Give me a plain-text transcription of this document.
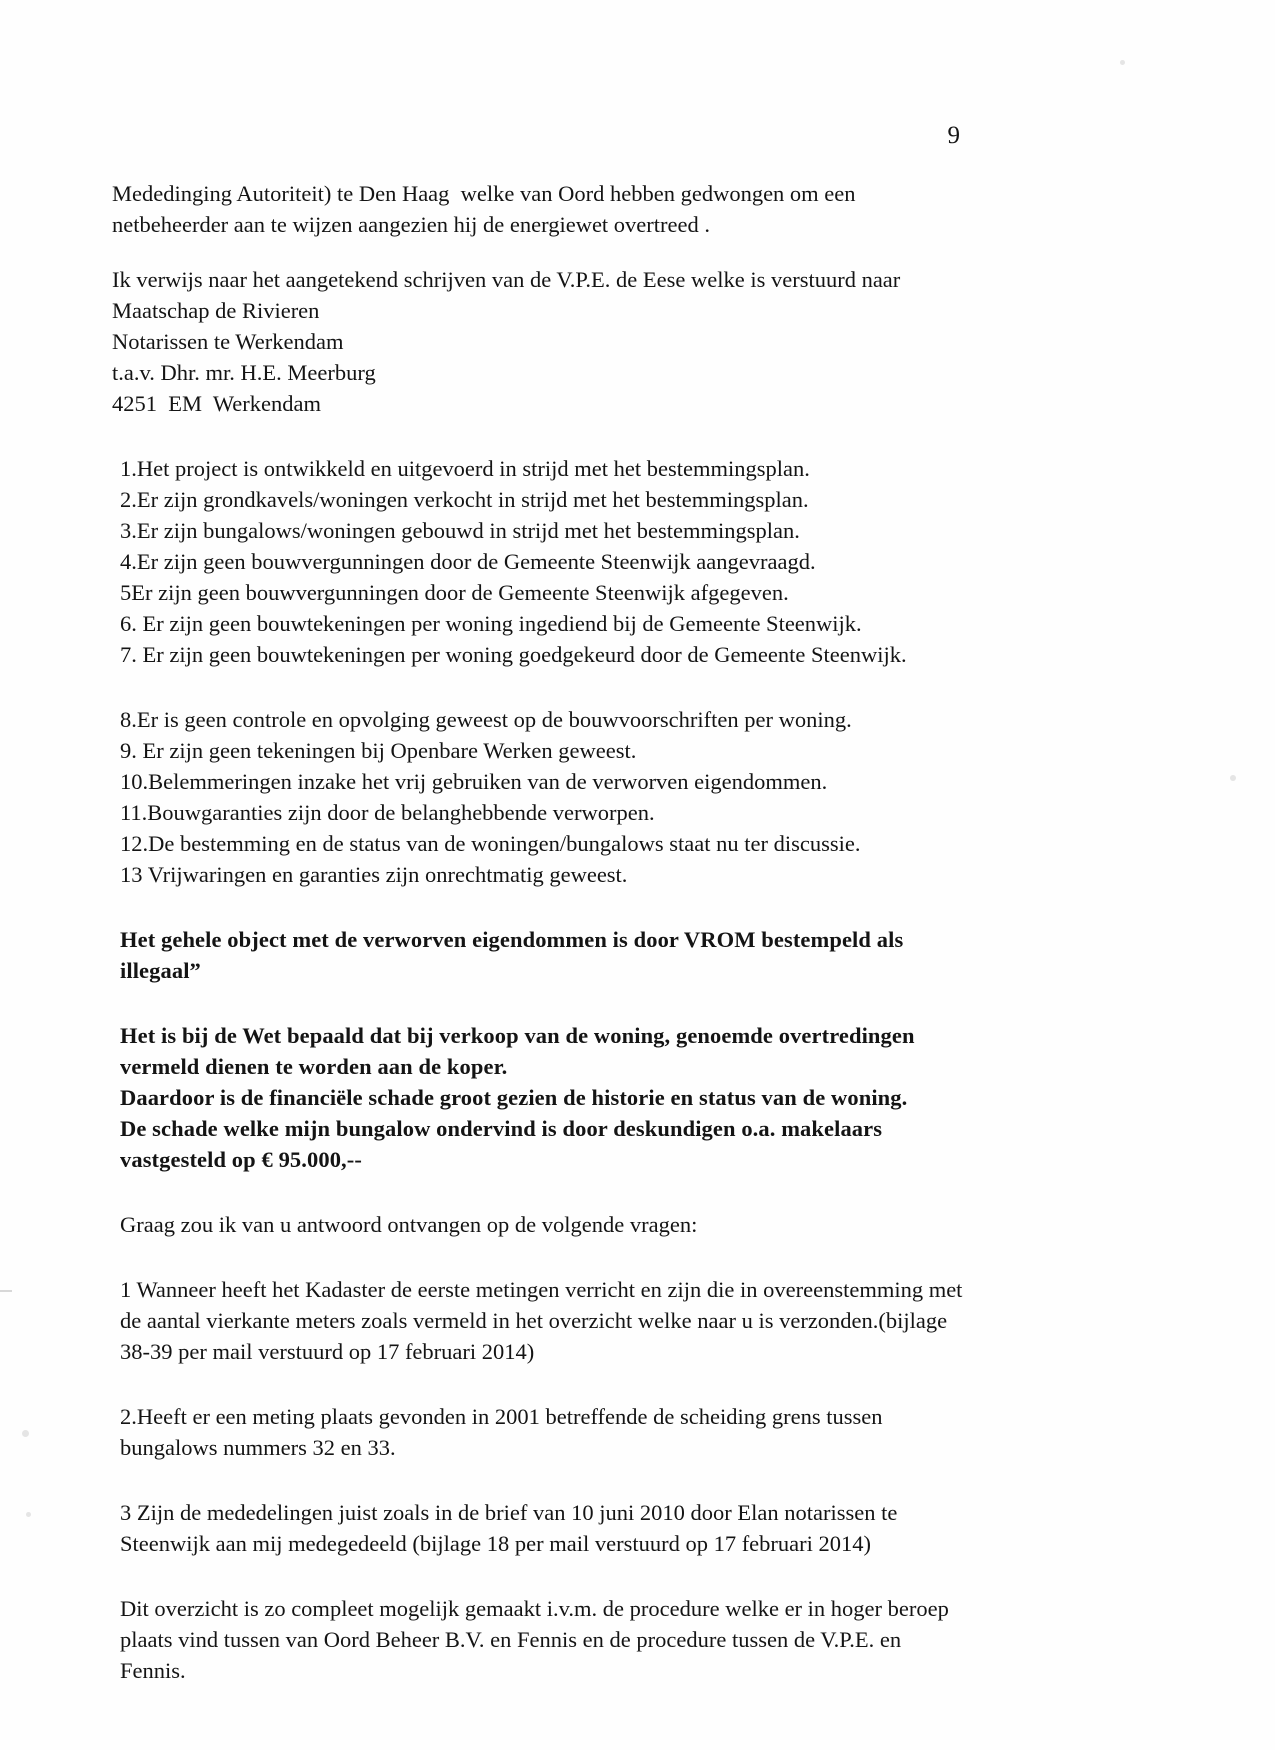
9
Mededinging Autoriteit) te Den Haag  welke van Oord hebben gedwongen om een
netbeheerder aan te wijzen aangezien hij de energiewet overtreed .
Ik verwijs naar het aangetekend schrijven van de V.P.E. de Eese welke is verstuurd naar
Maatschap de Rivieren
Notarissen te Werkendam
t.a.v. Dhr. mr. H.E. Meerburg
4251  EM  Werkendam
1.Het project is ontwikkeld en uitgevoerd in strijd met het bestemmingsplan.
2.Er zijn grondkavels/woningen verkocht in strijd met het bestemmingsplan.
3.Er zijn bungalows/woningen gebouwd in strijd met het bestemmingsplan.
4.Er zijn geen bouwvergunningen door de Gemeente Steenwijk aangevraagd.
5Er zijn geen bouwvergunningen door de Gemeente Steenwijk afgegeven.
6. Er zijn geen bouwtekeningen per woning ingediend bij de Gemeente Steenwijk.
7. Er zijn geen bouwtekeningen per woning goedgekeurd door de Gemeente Steenwijk.
8.Er is geen controle en opvolging geweest op de bouwvoorschriften per woning.
9. Er zijn geen tekeningen bij Openbare Werken geweest.
10.Belemmeringen inzake het vrij gebruiken van de verworven eigendommen.
11.Bouwgaranties zijn door de belanghebbende verworpen.
12.De bestemming en de status van de woningen/bungalows staat nu ter discussie.
13 Vrijwaringen en garanties zijn onrechtmatig geweest.
Het gehele object met de verworven eigendommen is door VROM bestempeld als
illegaal”
Het is bij de Wet bepaald dat bij verkoop van de woning, genoemde overtredingen
vermeld dienen te worden aan de koper.
Daardoor is de financiële schade groot gezien de historie en status van de woning.
De schade welke mijn bungalow ondervind is door deskundigen o.a. makelaars
vastgesteld op € 95.000,--
Graag zou ik van u antwoord ontvangen op de volgende vragen:
1 Wanneer heeft het Kadaster de eerste metingen verricht en zijn die in overeenstemming met
de aantal vierkante meters zoals vermeld in het overzicht welke naar u is verzonden.(bijlage
38-39 per mail verstuurd op 17 februari 2014)
2.Heeft er een meting plaats gevonden in 2001 betreffende de scheiding grens tussen
bungalows nummers 32 en 33.
3 Zijn de mededelingen juist zoals in de brief van 10 juni 2010 door Elan notarissen te
Steenwijk aan mij medegedeeld (bijlage 18 per mail verstuurd op 17 februari 2014)
Dit overzicht is zo compleet mogelijk gemaakt i.v.m. de procedure welke er in hoger beroep
plaats vind tussen van Oord Beheer B.V. en Fennis en de procedure tussen de V.P.E. en
Fennis.
